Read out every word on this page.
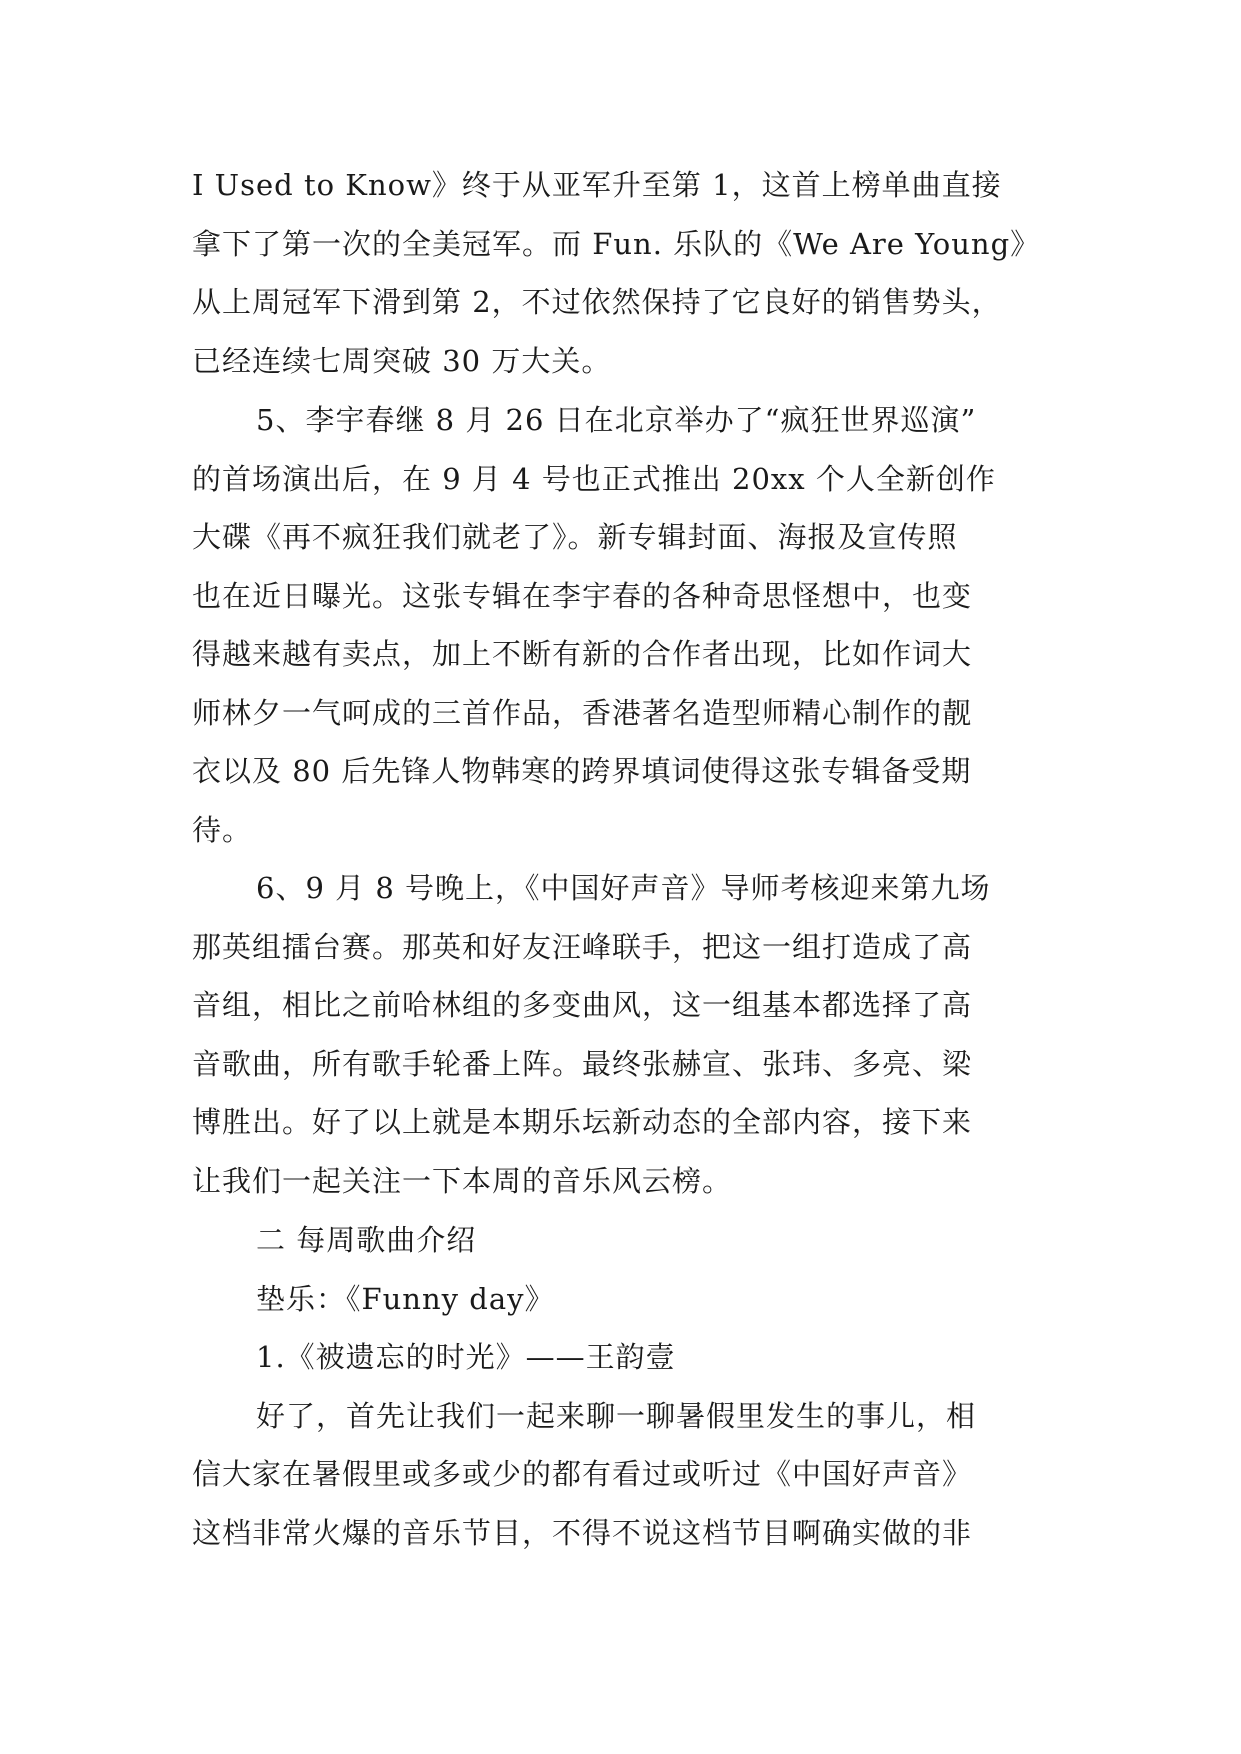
I Used to Know》终于从亚军升至第 1，这首上榜单曲直接
拿下了第一次的全美冠军。而 Fun. 乐队的《We Are Young》
从上周冠军下滑到第 2，不过依然保持了它良好的销售势头，
已经连续七周突破 30 万大关。
5、李宇春继 8 月 26 日在北京举办了“疯狂世界巡演”
的首场演出后，在 9 月 4 号也正式推出 20xx 个人全新创作
大碟《再不疯狂我们就老了》。新专辑封面、海报及宣传照
也在近日曝光。这张专辑在李宇春的各种奇思怪想中，也变
得越来越有卖点，加上不断有新的合作者出现，比如作词大
师林夕一气呵成的三首作品，香港著名造型师精心制作的靓
衣以及 80 后先锋人物韩寒的跨界填词使得这张专辑备受期
待。
6、9 月 8 号晚上，《中国好声音》导师考核迎来第九场
那英组擂台赛。那英和好友汪峰联手，把这一组打造成了高
音组，相比之前哈林组的多变曲风，这一组基本都选择了高
音歌曲，所有歌手轮番上阵。最终张赫宣、张玮、多亮、梁
博胜出。好了以上就是本期乐坛新动态的全部内容，接下来
让我们一起关注一下本周的音乐风云榜。
二 每周歌曲介绍
垫乐：《Funny day》
1.《被遗忘的时光》——王韵壹
好了，首先让我们一起来聊一聊暑假里发生的事儿，相
信大家在暑假里或多或少的都有看过或听过《中国好声音》
这档非常火爆的音乐节目，不得不说这档节目啊确实做的非
